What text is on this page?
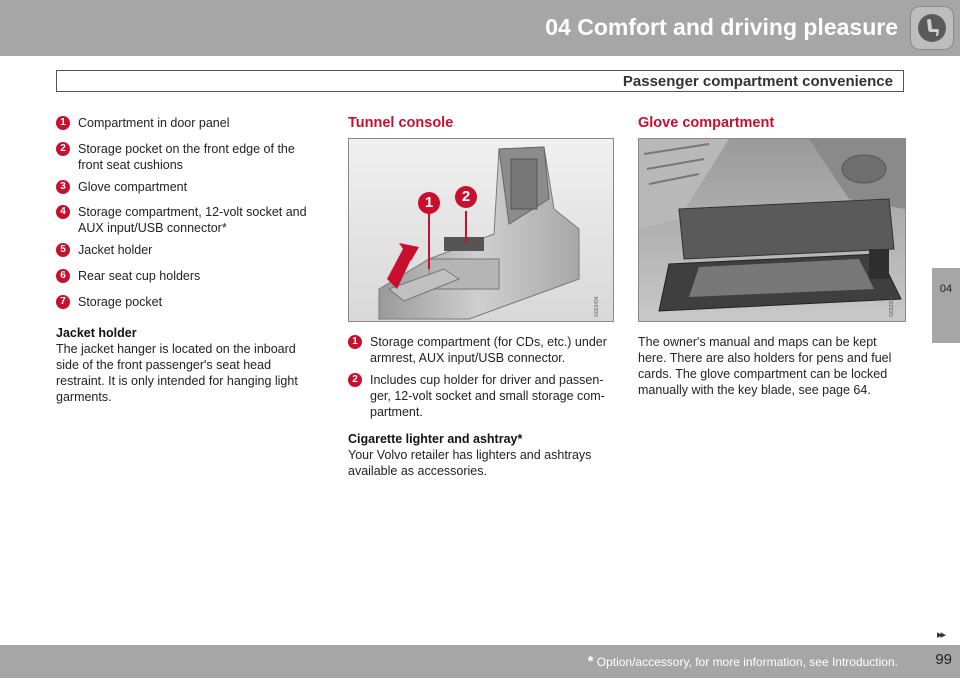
04 Comfort and driving pleasure
Passenger compartment convenience
1 Compartment in door panel
2 Storage pocket on the front edge of the front seat cushions
3 Glove compartment
4 Storage compartment, 12-volt socket and AUX input/USB connector*
5 Jacket holder
6 Rear seat cup holders
7 Storage pocket
Jacket holder

The jacket hanger is located on the inboard side of the front passenger's seat head restraint. It is only intended for hanging light garments.

Tunnel console
1	2
G021434
1 Storage compartment (for CDs, etc.) under armrest, AUX input/USB connector.
2 Includes cup holder for driver and passen-ger, 12-volt socket and small storage com-partment.
Cigarette lighter and ashtray*

Your Volvo retailer has lighters and ashtrays available as accessories.

Glove compartment
G032202

The owner's manual and maps can be kept here. There are also holders for pens and fuel cards. The glove compartment can be locked manually with the key blade, see page 64.

04
▸▸
* Option/accessory, for more information, see Introduction. 99
